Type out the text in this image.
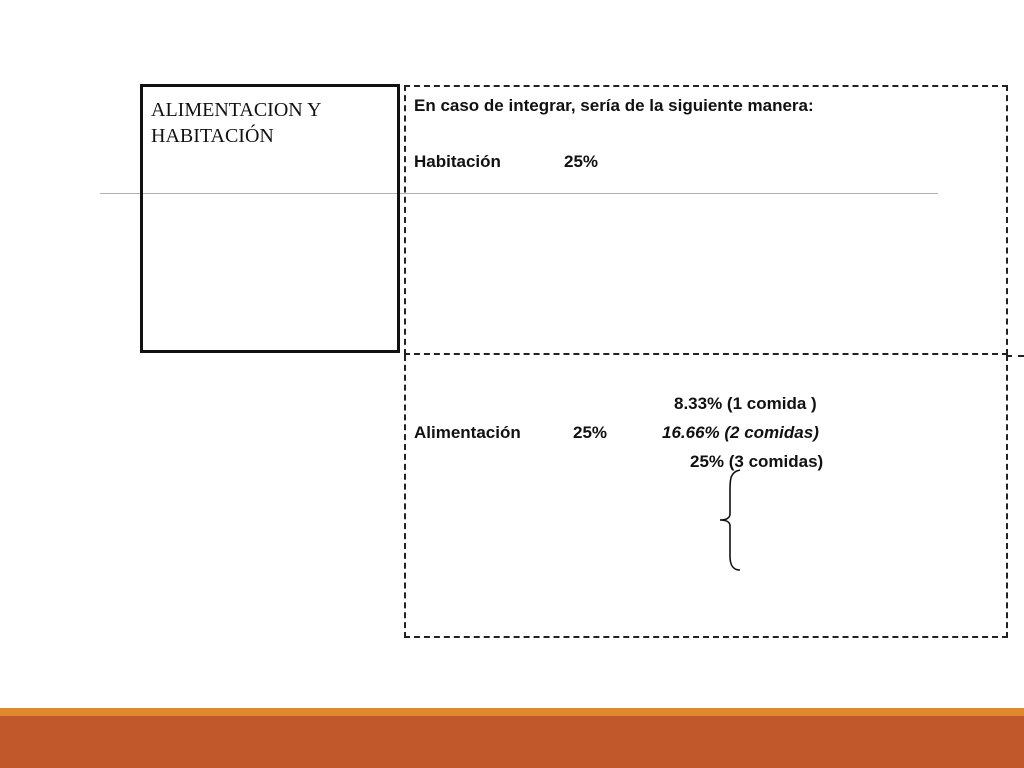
ALIMENTACION Y
HABITACIÓN

En caso de integrar, sería de la siguiente manera:
Habitación	25%
Alimentación	25%
8.33% (1 comida )
16.66% (2 comidas)
25% (3 comidas)
